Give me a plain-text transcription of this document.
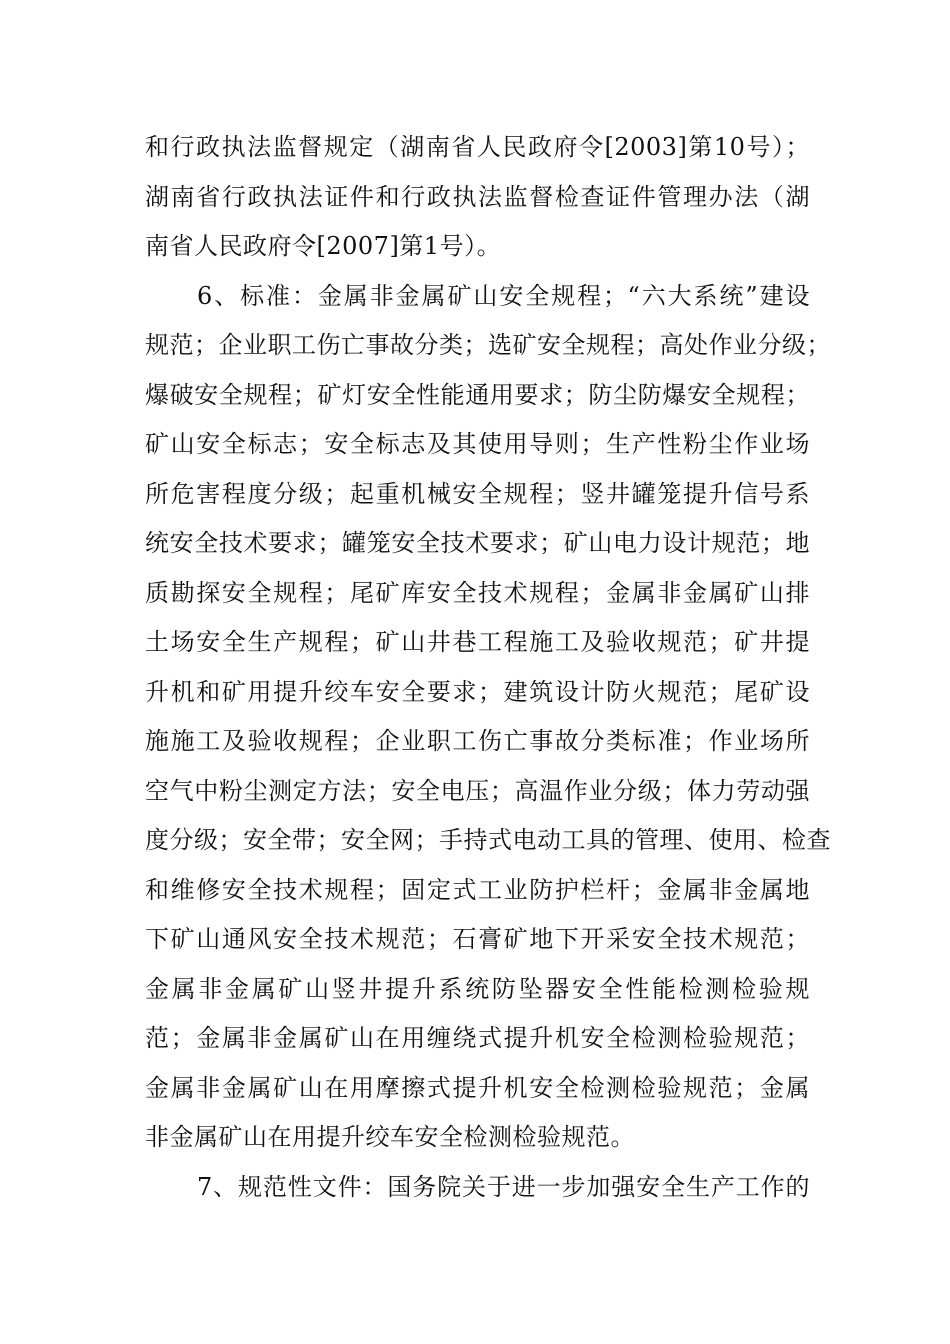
和行政执法监督规定（湖南省人民政府令[2003]第10号）；
湖南省行政执法证件和行政执法监督检查证件管理办法（湖
南省人民政府令[2007]第1号）。
6、标准：金属非金属矿山安全规程；“六大系统”建设
规范；企业职工伤亡事故分类；选矿安全规程；高处作业分级；
爆破安全规程；矿灯安全性能通用要求；防尘防爆安全规程；
矿山安全标志；安全标志及其使用导则；生产性粉尘作业场
所危害程度分级；起重机械安全规程；竖井罐笼提升信号系
统安全技术要求；罐笼安全技术要求；矿山电力设计规范；地
质勘探安全规程；尾矿库安全技术规程；金属非金属矿山排
土场安全生产规程；矿山井巷工程施工及验收规范；矿井提
升机和矿用提升绞车安全要求；建筑设计防火规范；尾矿设
施施工及验收规程；企业职工伤亡事故分类标准；作业场所
空气中粉尘测定方法；安全电压；高温作业分级；体力劳动强
度分级；安全带；安全网；手持式电动工具的管理、使用、检查
和维修安全技术规程；固定式工业防护栏杆；金属非金属地
下矿山通风安全技术规范；石膏矿地下开采安全技术规范；
金属非金属矿山竖井提升系统防坠器安全性能检测检验规
范；金属非金属矿山在用缠绕式提升机安全检测检验规范；
金属非金属矿山在用摩擦式提升机安全检测检验规范；金属
非金属矿山在用提升绞车安全检测检验规范。
7、规范性文件：国务院关于进一步加强安全生产工作的
